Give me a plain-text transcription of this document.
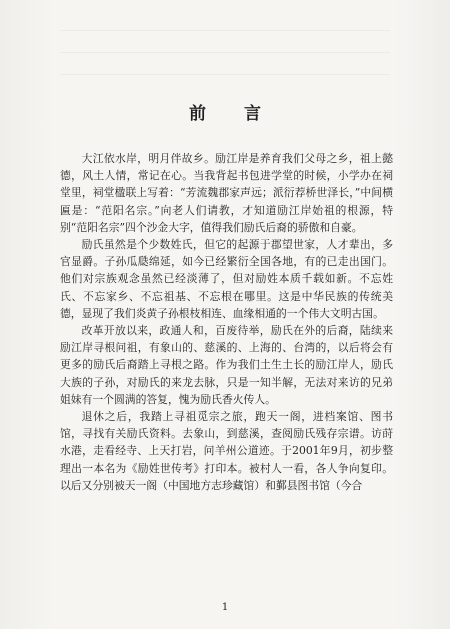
前 言

大江依水岸，明月伴故乡。励江岸是养育我们父母之乡，祖上懿德，风土人情，常记在心。当我背起书包进学堂的时候，小学办在祠堂里，祠堂楹联上写着：“芳流魏郡家声远；派衍荐桥世泽长，”中间横匾是：“范阳名宗。”向老人们请教，才知道励江岸始祖的根源，特别“范阳名宗”四个沙金大字，值得我们励氏后裔的骄傲和自豪。

励氏虽然是个少数姓氏，但它的起源于郡望世家，人才辈出，多官显爵。子孙瓜瓞绵延，如今已经繁衍全国各地，有的已走出国门。他们对宗族观念虽然已经淡薄了，但对励姓本质千载如新。不忘姓氏、不忘家乡、不忘祖基、不忘根在哪里。这是中华民族的传统美德，显现了我们炎黄子孙根枝相连、血缘相通的一个伟大文明古国。

改革开放以来，政通人和，百废待举，励氏在外的后裔，陆续来励江岸寻根问祖，有象山的、慈溪的、上海的、台湾的，以后将会有更多的励氏后裔踏上寻根之路。作为我们土生土长的励江岸人，励氏大族的子孙，对励氏的来龙去脉，只是一知半解，无法对来访的兄弟姐妹有一个圆满的答复，愧为励氏香火传人。

退休之后，我踏上寻祖觅宗之旅，跑天一阁，进档案馆、图书馆，寻找有关励氏资料。去象山，到慈溪，查阅励氏残存宗谱。访莳水港，走看经寺、上天打岩，问羊州公道迹。于2001年9月，初步整理出一本名为《励姓世传考》打印本。被村人一看，各人争向复印。以后又分别被天一阁（中国地方志珍藏馆）和鄞县图书馆（今合

1
